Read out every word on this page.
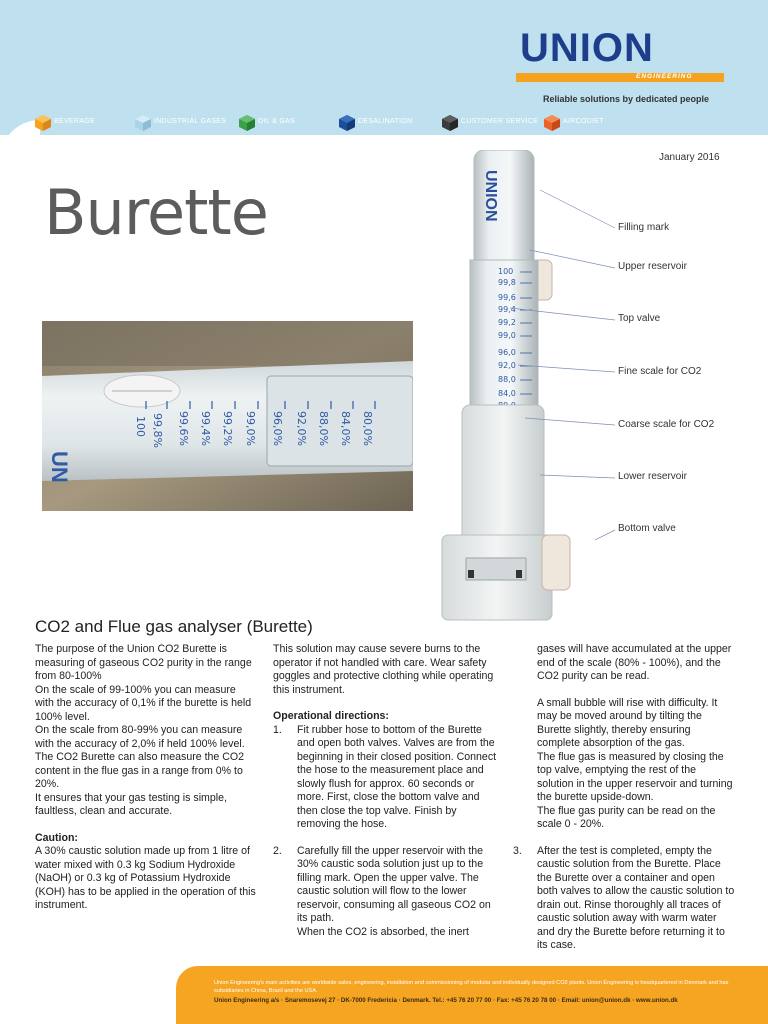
UNION
ENGINEERING
Reliable solutions by dedicated people
BEVERAGE	INDUSTRIAL GASES	OIL & GAS	DESALINATION	CUSTOMER SERVICE	AIRCODIET
January 2016
Burette
100 99,8% 99,6% 99,4% 99,2% 99,0% 96,0% 92,0% 88,0% 84,0% 80,0%
UN
UNION
100
99,8
99,6
99,4
99,2
99,0
96,0
92,0
88,0
84,0
Filling mark
Upper reservoir
Top valve
Fine scale for CO2
Coarse scale for CO2
Lower reservoir
Bottom valve
CO2 and Flue gas analyser (Burette)

The purpose of the Union CO2 Burette is measuring of gaseous CO2 purity in the range from 80-100%

On the scale of 99-100% you can measure with the accuracy of 0,1% if the burette is held 100% level.

On the scale from 80-99% you can measure with the accuracy of 2,0% if held 100% level.

The CO2 Burette can also measure the CO2 content in the flue gas in a range from 0% to 20%.

It ensures that your gas testing is simple, faultless, clean and accurate.

Caution:

A 30% caustic solution made up from 1 litre of water mixed with 0.3 kg Sodium Hydroxide (NaOH) or 0.3 kg of Potassium Hydroxide (KOH) has to be applied in the operation of this instrument.

This solution may cause severe burns to the operator if not handled with care. Wear safety goggles and protective clothing while operating this instrument.

Operational directions:

1. Fit rubber hose to bottom of the Burette and open both valves. Valves are from the beginning in their closed position. Connect the hose to the measurement place and slowly flush for approx. 60 seconds or more. First, close the bottom valve and then close the top valve. Finish by removing the hose.

2. Carefully fill the upper reservoir with the 30% caustic soda solution just up to the filling mark. Open the upper valve. The caustic solution will flow to the lower reservoir, consuming all gaseous CO2 on its path.

When the CO2 is absorbed, the inert

gases will have accumulated at the upper end of the scale (80% - 100%), and the CO2 purity can be read.

A small bubble will rise with difficulty. It may be moved around by tilting the Burette slightly, thereby ensuring complete absorption of the gas.

The flue gas is measured by closing the top valve, emptying the rest of the solution in the upper reservoir and turning the burette upside-down.

The flue gas purity can be read on the scale 0 - 20%.

3. After the test is completed, empty the caustic solution from the Burette. Place the Burette over a container and open both valves to allow the caustic solution to drain out. Rinse thoroughly all traces of caustic solution away with warm water and dry the Burette before returning it to its case.

Union Engineering's main activities are worldwide sales, engineering, installation and commissioning of modular and individually designed CO2 plants. Union Engineering is headquartered in Denmark and has subsidiaries in China, Brazil and the USA.
Union Engineering a/s · Snaremosevej 27 · DK-7000 Fredericia · Denmark. Tel.: +45 76 20 77 00 · Fax: +45 76 20 78 00 · Email: union@union.dk · www.union.dk
